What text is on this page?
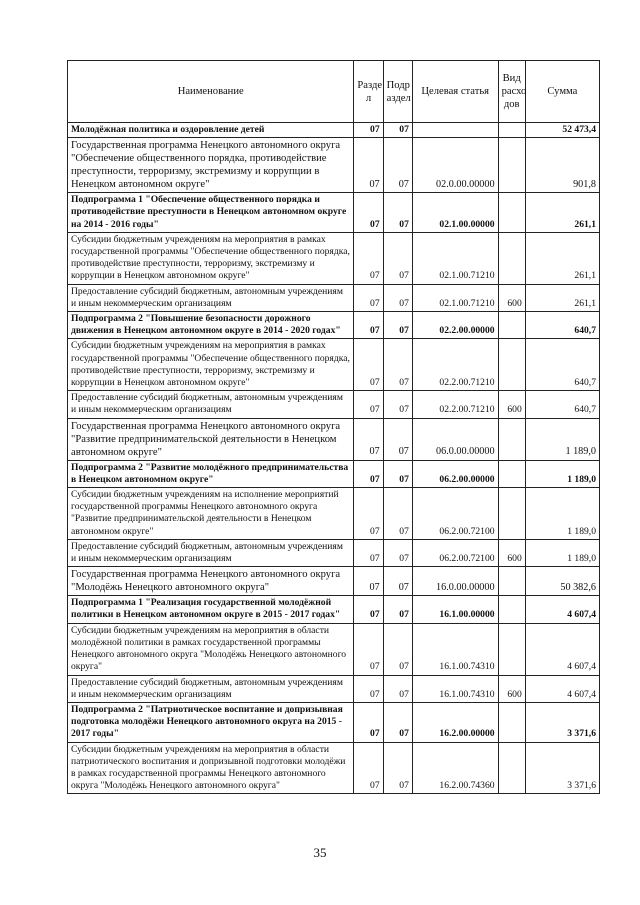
Наименование	Разде л	Подр аздел	Целевая статья	Вид расхо дов	Сумма
Молодёжная политика и оздоровление детей	07	07			52 473,4
Государственная программа Ненецкого автономного округа "Обеспечение общественного порядка, противодействие преступности, терроризму, экстремизму и коррупции в Ненецком автономном округе"	07	07	02.0.00.00000		901,8
Подпрограмма 1 "Обеспечение общественного порядка и противодействие преступности в Ненецком автономном округе на 2014 - 2016 годы"	07	07	02.1.00.00000		261,1
Субсидии бюджетным учреждениям на мероприятия в рамках государственной программы "Обеспечение общественного порядка, противодействие преступности, терроризму, экстремизму и коррупции в Ненецком автономном округе"	07	07	02.1.00.71210		261,1
Предоставление субсидий бюджетным, автономным учреждениям и иным некоммерческим организациям	07	07	02.1.00.71210	600	261,1
Подпрограмма 2 "Повышение безопасности дорожного движения в Ненецком автономном округе в 2014 - 2020 годах"	07	07	02.2.00.00000		640,7
Субсидии бюджетным учреждениям на мероприятия в рамках государственной программы "Обеспечение общественного порядка, противодействие преступности, терроризму, экстремизму и коррупции в Ненецком автономном округе"	07	07	02.2.00.71210		640,7
Предоставление субсидий бюджетным, автономным учреждениям и иным некоммерческим организациям	07	07	02.2.00.71210	600	640,7
Государственная программа Ненецкого автономного округа "Развитие предпринимательской деятельности в Ненецком автономном округе"	07	07	06.0.00.00000		1 189,0
Подпрограмма 2 "Развитие молодёжного предпринимательства в Ненецком автономном округе"	07	07	06.2.00.00000		1 189,0
Субсидии бюджетным учреждениям на исполнение мероприятий государственной программы Ненецкого автономного округа "Развитие предпринимательской деятельности в Ненецком автономном округе"	07	07	06.2.00.72100		1 189,0
Предоставление субсидий бюджетным, автономным учреждениям и иным некоммерческим организациям	07	07	06.2.00.72100	600	1 189,0
Государственная программа Ненецкого автономного округа "Молодёжь Ненецкого автономного округа"	07	07	16.0.00.00000		50 382,6
Подпрограмма 1 "Реализация государственной молодёжной политики в Ненецком автономном округе в 2015 - 2017 годах"	07	07	16.1.00.00000		4 607,4
Субсидии бюджетным учреждениям на мероприятия в области молодёжной политики в рамках государственной программы Ненецкого автономного округа "Молодёжь Ненецкого автономного округа"	07	07	16.1.00.74310		4 607,4
Предоставление субсидий бюджетным, автономным учреждениям и иным некоммерческим организациям	07	07	16.1.00.74310	600	4 607,4
Подпрограмма 2 "Патриотическое воспитание и допризывная подготовка молодёжи Ненецкого автономного округа на 2015 - 2017 годы"	07	07	16.2.00.00000		3 371,6
Субсидии бюджетным учреждениям на мероприятия в области патриотического воспитания и допризывной подготовки молодёжи в рамках государственной программы Ненецкого автономного округа "Молодёжь Ненецкого автономного округа"	07	07	16.2.00.74360		3 371,6
35
